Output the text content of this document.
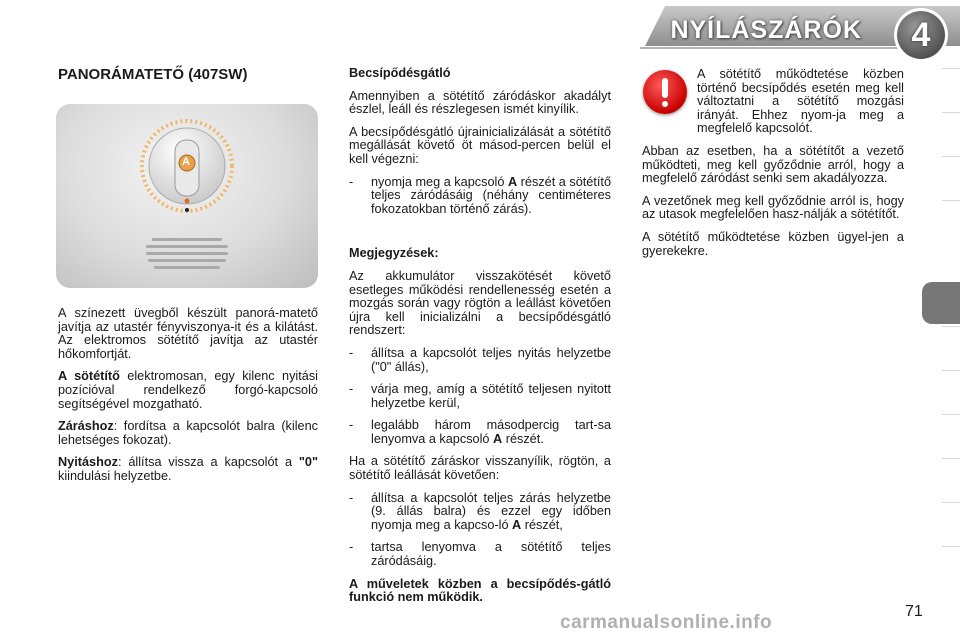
NYÍLÁSZÁRÓK	4
PANORÁMATETŐ (407SW)
A

A színezett üvegből készült panorá-matető javítja az utastér fényviszonya-it és a kilátást. Az elektromos sötétítő javítja az utastér hőkomfortját.

A sötétítő elektromosan, egy kilenc nyitási pozícióval rendelkező forgó-kapcsoló segítségével mozgatható.

Záráshoz: fordítsa a kapcsolót balra (kilenc lehetséges fokozat).

Nyitáshoz: állítsa vissza a kapcsolót a "0" kiindulási helyzetbe.

Becsípődésgátló

Amennyiben a sötétítő záródáskor akadályt észlel, leáll és részlegesen ismét kinyílik.

A becsípődésgátló újrainicializálását a sötétítő megállását követő öt másod-percen belül el kell végezni:

-	nyomja meg a kapcsoló A részét a sötétítő teljes záródásáig (néhány centiméteres fokozatokban történő zárás).

Megjegyzések:

Az akkumulátor visszakötését követő esetleges működési rendellenesség esetén a mozgás során vagy rögtön a leállást követően újra kell inicializálni a becsípődésgátló rendszert:

-	állítsa a kapcsolót teljes nyitás helyzetbe ("0" állás),
-	várja meg, amíg a sötétítő teljesen nyitott helyzetbe kerül,
-	legalább három másodpercig tart-sa lenyomva a kapcsoló A részét.

Ha a sötétítő záráskor visszanyílik, rögtön, a sötétítő leállását követően:

-	állítsa a kapcsolót teljes zárás helyzetbe (9. állás balra) és ezzel egy időben nyomja meg a kapcso-ló A részét,
-	tartsa lenyomva a sötétítő teljes záródásáig.

A műveletek közben a becsípődés-gátló funkció nem működik.

A sötétítő működtetése közben történő becsípődés esetén meg kell változtatni a sötétítő mozgási irányát. Ehhez nyom-ja meg a megfelelő kapcsolót.

Abban az esetben, ha a sötétítőt a vezető működteti, meg kell győződnie arról, hogy a megfelelő záródást senki sem akadályozza.

A vezetőnek meg kell győződnie arról is, hogy az utasok megfelelően hasz-nálják a sötétítőt.

A sötétítő működtetése közben ügyel-jen a gyerekekre.

71
carmanualsonline.info
